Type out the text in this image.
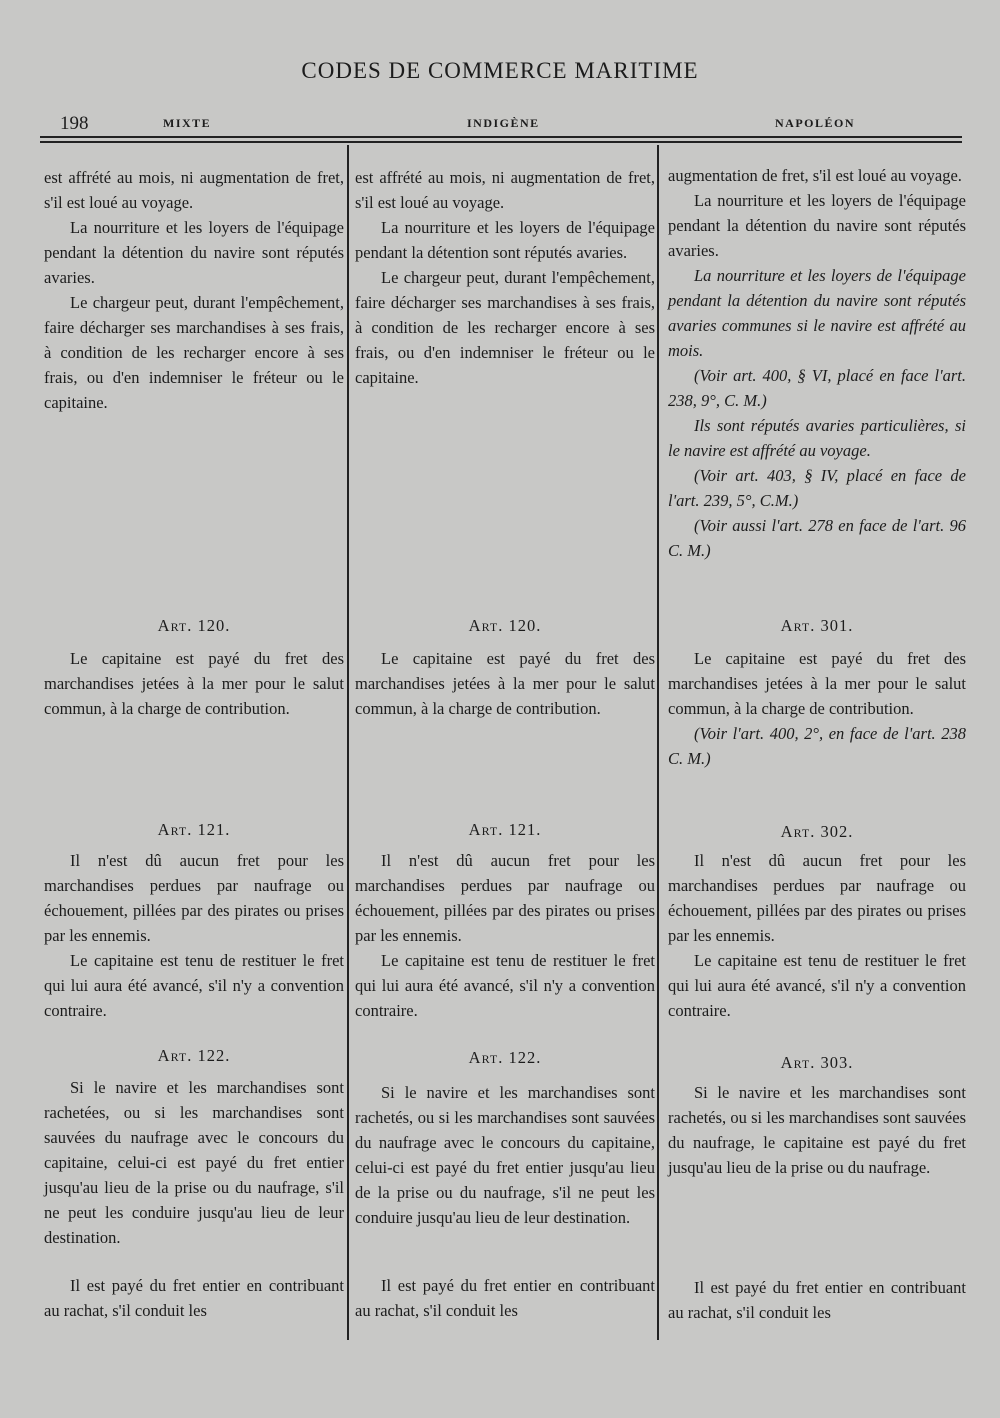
CODES DE COMMERCE MARITIME
198	MIXTE	INDIGÈNE	NAPOLÉON

est affrété au mois, ni augmentation de fret, s'il est loué au voyage.

La nourriture et les loyers de l'équipage pendant la détention du navire sont réputés avaries.

Le chargeur peut, durant l'empêchement, faire décharger ses marchandises à ses frais, à condition de les recharger encore à ses frais, ou d'en indemniser le fréteur ou le capitaine.

Art. 120.

Le capitaine est payé du fret des marchandises jetées à la mer pour le salut commun, à la charge de contribution.

Art. 121.

Il n'est dû aucun fret pour les marchandises perdues par naufrage ou échouement, pillées par des pirates ou prises par les ennemis.

Le capitaine est tenu de restituer le fret qui lui aura été avancé, s'il n'y a convention contraire.

Art. 122.

Si le navire et les marchandises sont rachetées, ou si les marchandises sont sauvées du naufrage avec le concours du capitaine, celui-ci est payé du fret entier jusqu'au lieu de la prise ou du naufrage, s'il ne peut les conduire jusqu'au lieu de leur destination.

Il est payé du fret entier en contribuant au rachat, s'il conduit les

est affrété au mois, ni augmentation de fret, s'il est loué au voyage.

La nourriture et les loyers de l'équipage pendant la détention sont réputés avaries.

Le chargeur peut, durant l'empêchement, faire décharger ses marchandises à ses frais, à condition de les recharger encore à ses frais, ou d'en indemniser le fréteur ou le capitaine.

Art. 120.

Le capitaine est payé du fret des marchandises jetées à la mer pour le salut commun, à la charge de contribution.

Art. 121.

Il n'est dû aucun fret pour les marchandises perdues par naufrage ou échouement, pillées par des pirates ou prises par les ennemis.

Le capitaine est tenu de restituer le fret qui lui aura été avancé, s'il n'y a convention contraire.

Art. 122.

Si le navire et les marchandises sont rachetés, ou si les marchandises sont sauvées du naufrage avec le concours du capitaine, celui-ci est payé du fret entier jusqu'au lieu de la prise ou du naufrage, s'il ne peut les conduire jusqu'au lieu de leur destination.

Il est payé du fret entier en contribuant au rachat, s'il conduit les

augmentation de fret, s'il est loué au voyage.

La nourriture et les loyers de l'équipage pendant la détention du navire sont réputés avaries.

La nourriture et les loyers de l'équipage pendant la détention du navire sont réputés avaries communes si le navire est affrété au mois.

(Voir art. 400, § VI, placé en face l'art. 238, 9°, C. M.)

Ils sont réputés avaries particulières, si le navire est affrété au voyage.

(Voir art. 403, § IV, placé en face de l'art. 239, 5°, C.M.)

(Voir aussi l'art. 278 en face de l'art. 96 C. M.)

Art. 301.

Le capitaine est payé du fret des marchandises jetées à la mer pour le salut commun, à la charge de contribution.

(Voir l'art. 400, 2°, en face de l'art. 238 C. M.)

Art. 302.

Il n'est dû aucun fret pour les marchandises perdues par naufrage ou échouement, pillées par des pirates ou prises par les ennemis.

Le capitaine est tenu de restituer le fret qui lui aura été avancé, s'il n'y a convention contraire.

Art. 303.

Si le navire et les marchandises sont rachetés, ou si les marchandises sont sauvées du naufrage, le capitaine est payé du fret jusqu'au lieu de la prise ou du naufrage.

Il est payé du fret entier en contribuant au rachat, s'il conduit les
